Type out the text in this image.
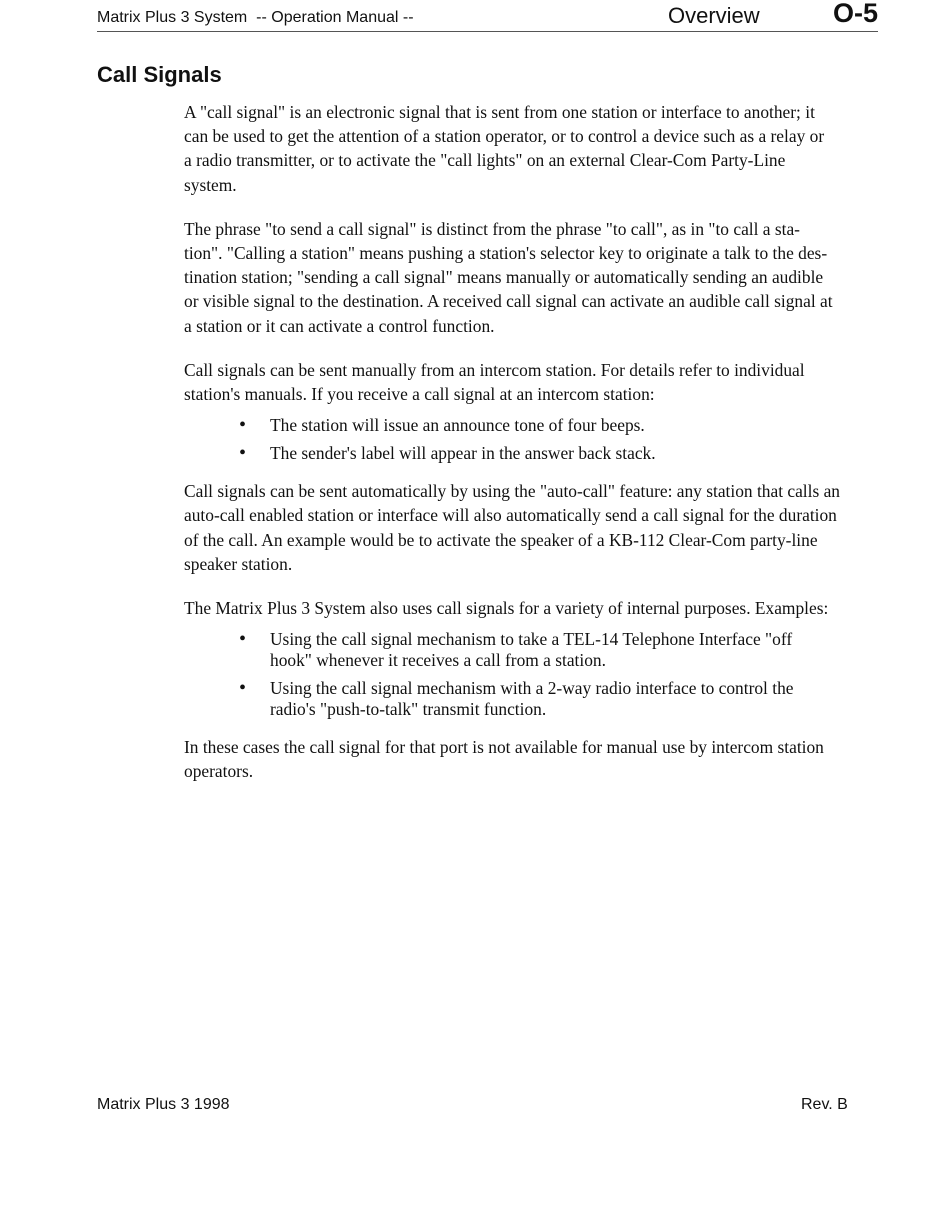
Matrix Plus 3 System  -- Operation Manual --	Overview	O-5
Call Signals

A "call signal" is an electronic signal that is sent from one station or interface to another; it
can be used to get the attention of a station operator, or to control a device such as a relay or
a radio transmitter, or to activate the "call lights" on an external Clear-Com Party-Line
system.

The phrase "to send a call signal" is distinct from the phrase "to call", as in "to call a sta-
tion". "Calling a station" means pushing a station's selector key to originate a talk to the des-
tination station; "sending a call signal" means manually or automatically sending an audible
or visible signal to the destination. A received call signal can activate an audible call signal at
a station or it can activate a control function.

Call signals can be sent manually from an intercom station. For details refer to individual
station's manuals. If you receive a call signal at an intercom station:

• The station will issue an announce tone of four beeps.
• The sender's label will appear in the answer back stack.

Call signals can be sent automatically by using the "auto-call" feature: any station that calls an
auto-call enabled station or interface will also automatically send a call signal for the duration
of the call. An example would be to activate the speaker of a KB-112 Clear-Com party-line
speaker station.

The Matrix Plus 3 System also uses call signals for a variety of internal purposes. Examples:

• Using the call signal mechanism to take a TEL-14 Telephone Interface "off
hook" whenever it receives a call from a station.
• Using the call signal mechanism with a 2-way radio interface to control the
radio's "push-to-talk" transmit function.

In these cases the call signal for that port is not available for manual use by intercom station
operators.

Matrix Plus 3 1998	Rev. B
